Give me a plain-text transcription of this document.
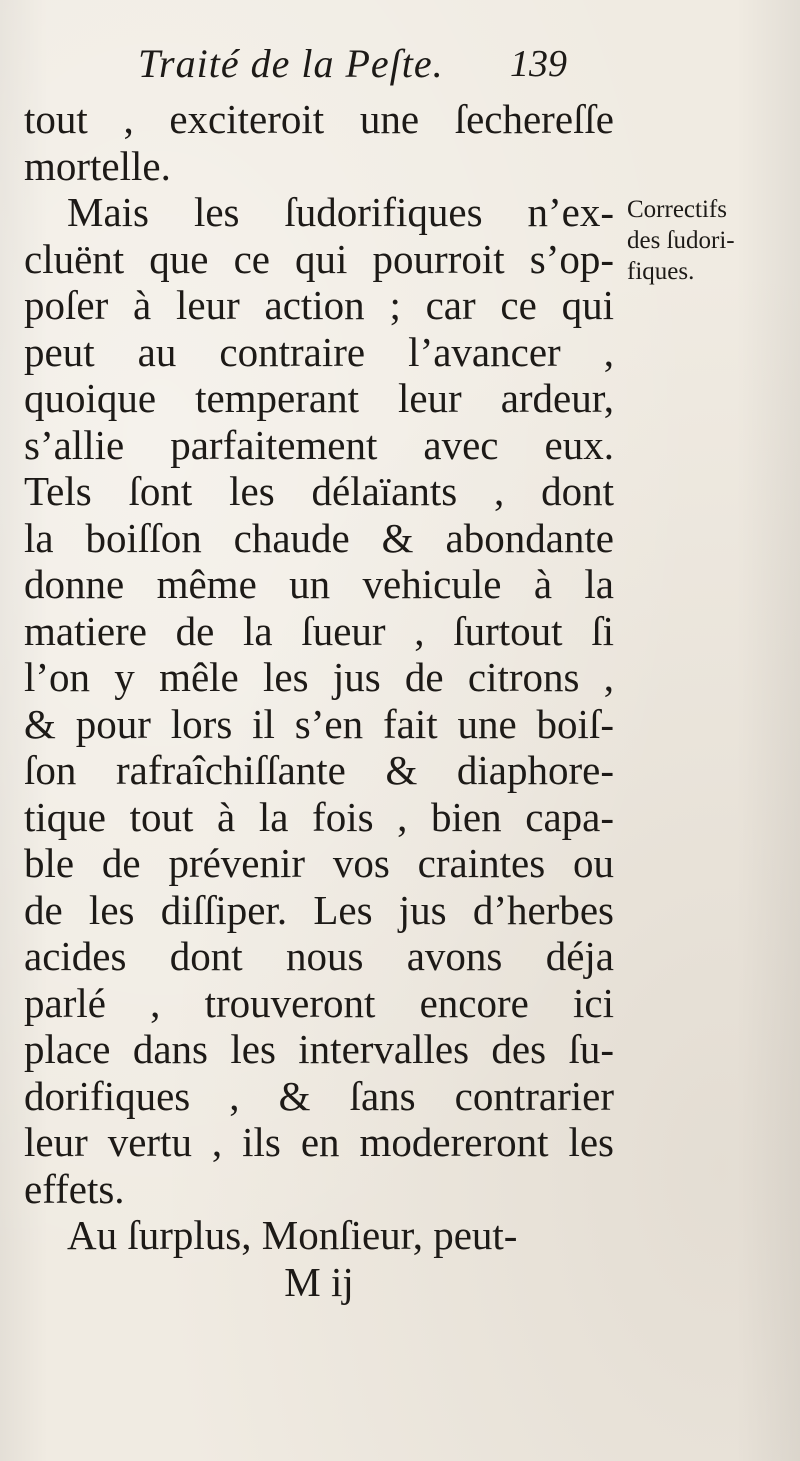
Traité de la Peſte. 139
tout , exciteroit une ſechereſſe
mortelle.
Mais les ſudorifiques n’ex-
cluënt que ce qui pourroit s’op-
poſer à leur action ; car ce qui
peut au contraire l’avancer ,
quoique temperant leur ardeur,
s’allie parfaitement avec eux.
Tels ſont les délaïants , dont
la boiſſon chaude & abondante
donne même un vehicule à la
matiere de la ſueur , ſurtout ſi
l’on y mêle les jus de citrons ,
& pour lors il s’en fait une boiſ-
ſon rafraîchiſſante & diaphore-
tique tout à la fois , bien capa-
ble de prévenir vos craintes ou
de les diſſiper. Les jus d’herbes
acides dont nous avons déja
parlé , trouveront encore ici
place dans les intervalles des ſu-
dorifiques , & ſans contrarier
leur vertu , ils en modereront les
effets.
Au ſurplus, Monſieur, peut-
M ij
Correctifs
des ſudori-
fiques.
